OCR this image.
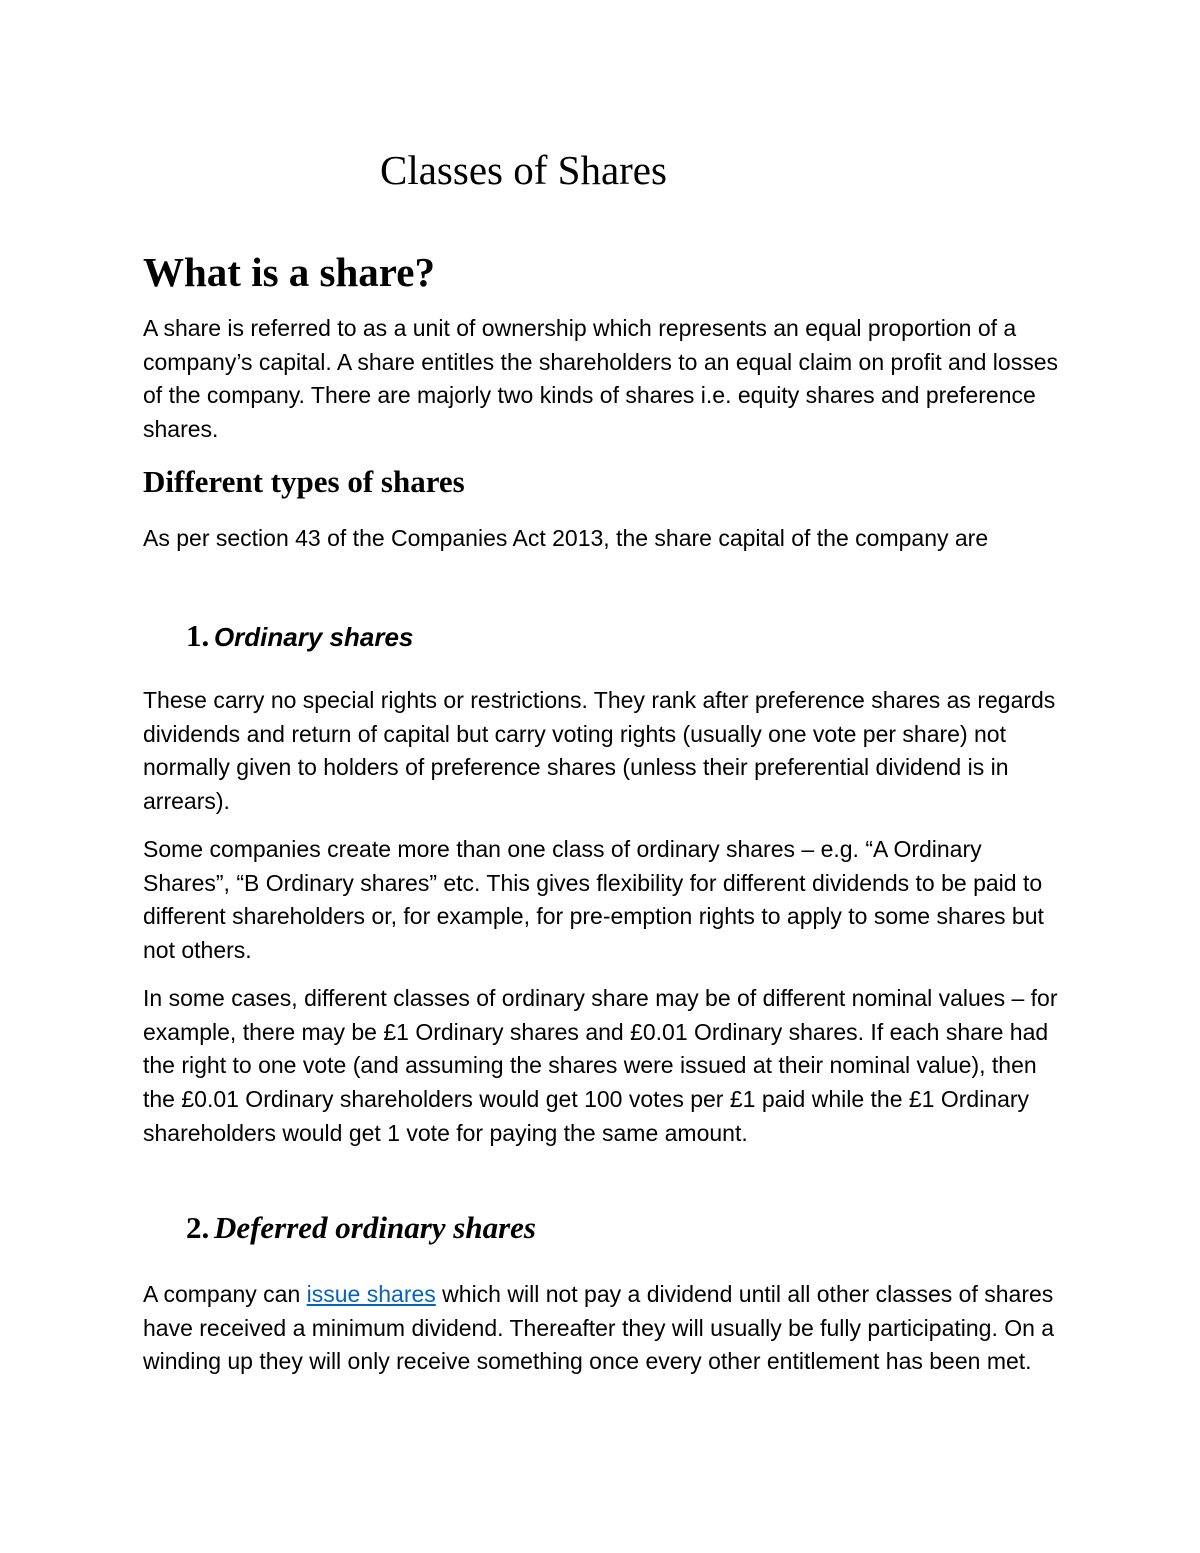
Classes of Shares
What is a share?

A share is referred to as a unit of ownership which represents an equal proportion of a company’s capital. A share entitles the shareholders to an equal claim on profit and losses of the company. There are majorly two kinds of shares i.e. equity shares and preference shares.

Different types of shares

As per section 43 of the Companies Act 2013, the share capital of the company are

1. Ordinary shares

These carry no special rights or restrictions. They rank after preference shares as regards dividends and return of capital but carry voting rights (usually one vote per share) not normally given to holders of preference shares (unless their preferential dividend is in arrears).

Some companies create more than one class of ordinary shares – e.g. “A Ordinary Shares”, “B Ordinary shares” etc. This gives flexibility for different dividends to be paid to different shareholders or, for example, for pre-emption rights to apply to some shares but not others.

In some cases, different classes of ordinary share may be of different nominal values – for example, there may be £1 Ordinary shares and £0.01 Ordinary shares. If each share had the right to one vote (and assuming the shares were issued at their nominal value), then the £0.01 Ordinary shareholders would get 100 votes per £1 paid while the £1 Ordinary shareholders would get 1 vote for paying the same amount.

2. Deferred ordinary shares

A company can issue shares which will not pay a dividend until all other classes of shares have received a minimum dividend. Thereafter they will usually be fully participating. On a winding up they will only receive something once every other entitlement has been met.
